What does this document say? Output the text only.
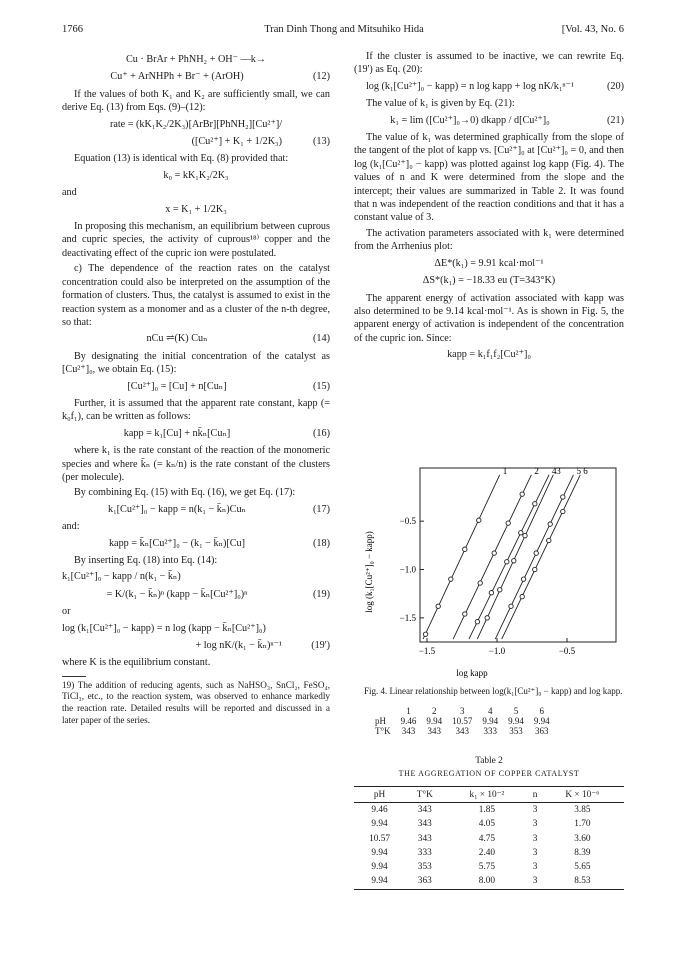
1766	Tran Dinh Thong and Mitsuhiko Hida	[Vol. 43, No. 6
Cu · BrAr + PhNH₂ + OH⁻ —k→
Cu⁺ + ArNHPh + Br⁻ + (ArOH)	(12)

If the values of both K₁ and K₂ are sufficiently small, we can derive Eq. (13) from Eqs. (9)–(12):

rate = (kK₁K₂/2K₃)[ArBr][PhNH₂][Cu²⁺]/
([Cu²⁺] + K₁ + 1/2K₃)	(13)

Equation (13) is identical with Eq. (8) provided that:

k₀ = kK₁K₂/2K₃

and

x = K₁ + 1/2K₃

In proposing this mechanism, an equilibrium between cuprous and cupric species, the activity of cuprous¹⁸⁾ copper and the deactivating effect of the cupric ion were postulated.

c) The dependence of the reaction rates on the catalyst concentration could also be interpreted on the assumption of the formation of clusters. Thus, the catalyst is assumed to exist in the reaction system as a monomer and as a cluster of the n-th degree, so that:

nCu ⇌(K) Cuₙ	(14)

By designating the initial concentration of the catalyst as [Cu²⁺]₀, we obtain Eq. (15):

[Cu²⁺]₀ = [Cu] + n[Cuₙ]	(15)

Further, it is assumed that the apparent rate constant, kapp (= k₀f₁), can be written as follows:

kapp = k₁[Cu] + nk̄ₙ[Cuₙ]	(16)

where k₁ is the rate constant of the reaction of the monomeric species and where k̄ₙ (= kₙ/n) is the rate constant of the clusters (per molecule).

By combining Eq. (15) with Eq. (16), we get Eq. (17):

k₁[Cu²⁺]₀ − kapp = n(k₁ − k̄ₙ)Cuₙ	(17)

and:

kapp = k̄ₙ[Cu²⁺]₀ − (k₁ − k̄ₙ)[Cu]	(18)

By inserting Eq. (18) into Eq. (14):

k₁[Cu²⁺]₀ − kapp / n(k₁ − k̄ₙ)
= K/(k₁ − k̄ₙ)ⁿ (kapp − k̄ₙ[Cu²⁺]₀)ⁿ	(19)

or

log (k₁[Cu²⁺]₀ − kapp) = n log (kapp − k̄ₙ[Cu²⁺]₀)
+ log nK/(k₁ − k̄ₙ)ⁿ⁻¹	(19')

where K is the equilibrium constant.

19) The addition of reducing agents, such as NaHSO₃, SnCl₂, FeSO₄, TiCl₃, etc., to the reaction system, was observed to enhance markedly the reaction rate. Detailed results will be reported and discussed in a later paper of the series.

If the cluster is assumed to be inactive, we can rewrite Eq. (19') as Eq. (20):

log (k₁[Cu²⁺]₀ − kapp) = n log kapp + log nK/k₁ⁿ⁻¹	(20)

The value of k₁ is given by Eq. (21):

k₁ = lim ([Cu²⁺]₀→0) dkapp / d[Cu²⁺]₀	(21)

The value of k₁ was determined graphically from the slope of the tangent of the plot of kapp vs. [Cu²⁺]₀ at [Cu²⁺]₀ = 0, and then log (k₁[Cu²⁺]₀ − kapp) was plotted against log kapp (Fig. 4). The values of n and K were determined from the slope and the intercept; their values are summarized in Table 2. It was found that n was independent of the reaction conditions and that it has a constant value of 3.

The activation parameters associated with k₁ were determined from the Arrhenius plot:

ΔE*(k₁) = 9.91 kcal·mol⁻¹
ΔS*(k₁) = −18.33 eu (T=343°K)

The apparent energy of activation associated with kapp was also determined to be 9.14 kcal·mol⁻¹. As is shown in Fig. 5, the apparent energy of activation is independent of the concentration of the cupric ion. Since:

kapp = k₁f₁f₂[Cu²⁺]₀
log (k₁[Cu²⁺]₀ − kapp)
log kapp
−1.5	−1.0	−0.5
−0.5
−1.0
−1.5
1	2 3
4 5 6
Fig. 4. Linear relationship between log(k₁[Cu²⁺]₀ − kapp) and log kapp.
	1	2	3	4	5	6
pH	9.46	9.94	10.57	9.94	9.94	9.94
T°K	343	343	343	333	353	363
Table 2
THE AGGREGATION OF COPPER CATALYST
pH	T°K	k₁ × 10⁻²	n	K × 10⁻⁶
9.46	343	1.85	3	3.85
9.94	343	4.05	3	1.70
10.57	343	4.75	3	3.60
9.94	333	2.40	3	8.39
9.94	353	5.75	3	5.65
9.94	363	8.00	3	8.53
